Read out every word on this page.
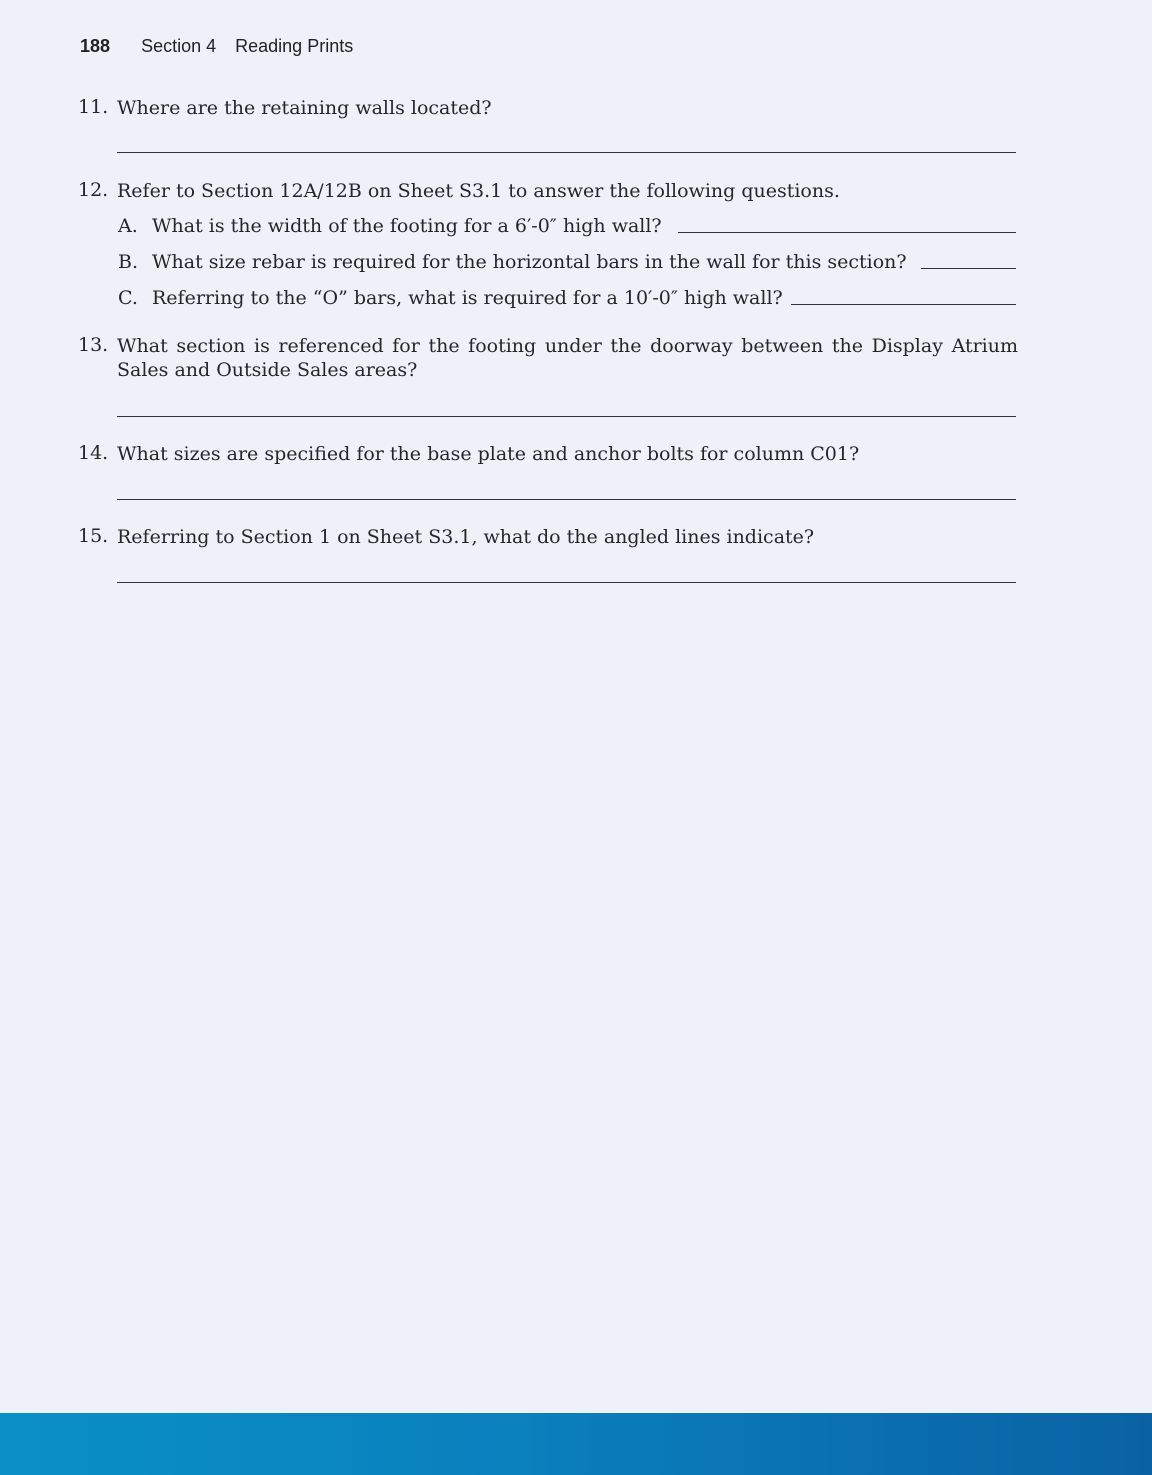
188 Section 4 Reading Prints
11. Where are the retaining walls located?
12. Refer to Section 12A/12B on Sheet S3.1 to answer the following questions.
A. What is the width of the footing for a 6′-0″ high wall?
B. What size rebar is required for the horizontal bars in the wall for this section?
C. Referring to the “O” bars, what is required for a 10′-0″ high wall?
13. What section is referenced for the footing under the doorway between the Display Atrium Sales and Outside Sales areas?
14. What sizes are specified for the base plate and anchor bolts for column C01?
15. Referring to Section 1 on Sheet S3.1, what do the angled lines indicate?
